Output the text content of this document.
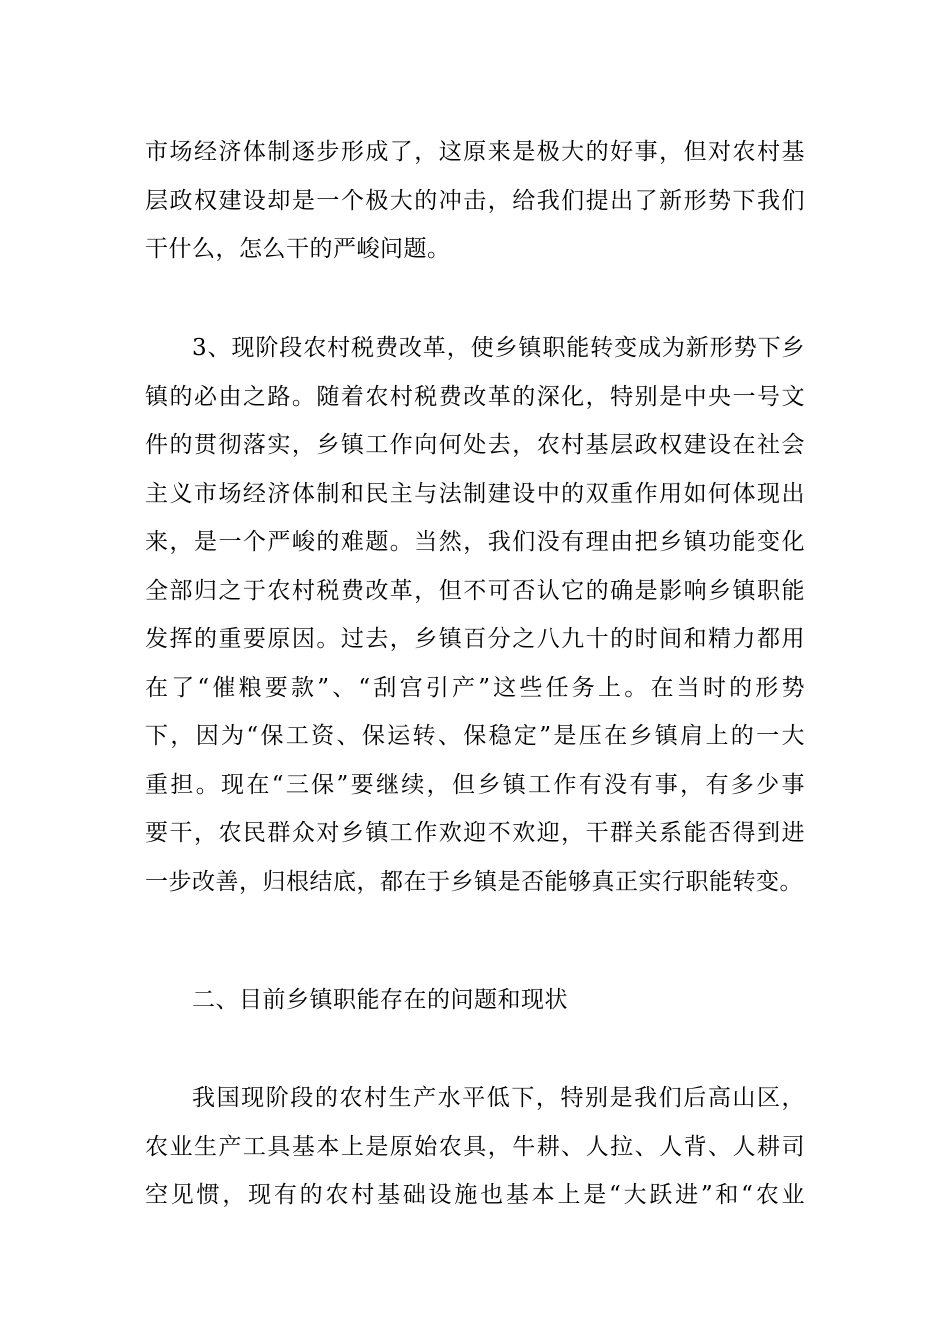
市场经济体制逐步形成了，这原来是极大的好事，但对农村基
层政权建设却是一个极大的冲击，给我们提出了新形势下我们
干什么，怎么干的严峻问题。
3、现阶段农村税费改革，使乡镇职能转变成为新形势下乡
镇的必由之路。随着农村税费改革的深化，特别是中央一号文
件的贯彻落实，乡镇工作向何处去，农村基层政权建设在社会
主义市场经济体制和民主与法制建设中的双重作用如何体现出
来，是一个严峻的难题。当然，我们没有理由把乡镇功能变化
全部归之于农村税费改革，但不可否认它的确是影响乡镇职能
发挥的重要原因。过去，乡镇百分之八九十的时间和精力都用
在了“催粮要款”、“刮宫引产”这些任务上。在当时的形势
下，因为“保工资、保运转、保稳定”是压在乡镇肩上的一大
重担。现在“三保”要继续，但乡镇工作有没有事，有多少事
要干，农民群众对乡镇工作欢迎不欢迎，干群关系能否得到进
一步改善，归根结底，都在于乡镇是否能够真正实行职能转变。
二、目前乡镇职能存在的问题和现状
我国现阶段的农村生产水平低下，特别是我们后高山区，
农业生产工具基本上是原始农具，牛耕、人拉、人背、人耕司
空见惯，现有的农村基础设施也基本上是“大跃进”和“农业
